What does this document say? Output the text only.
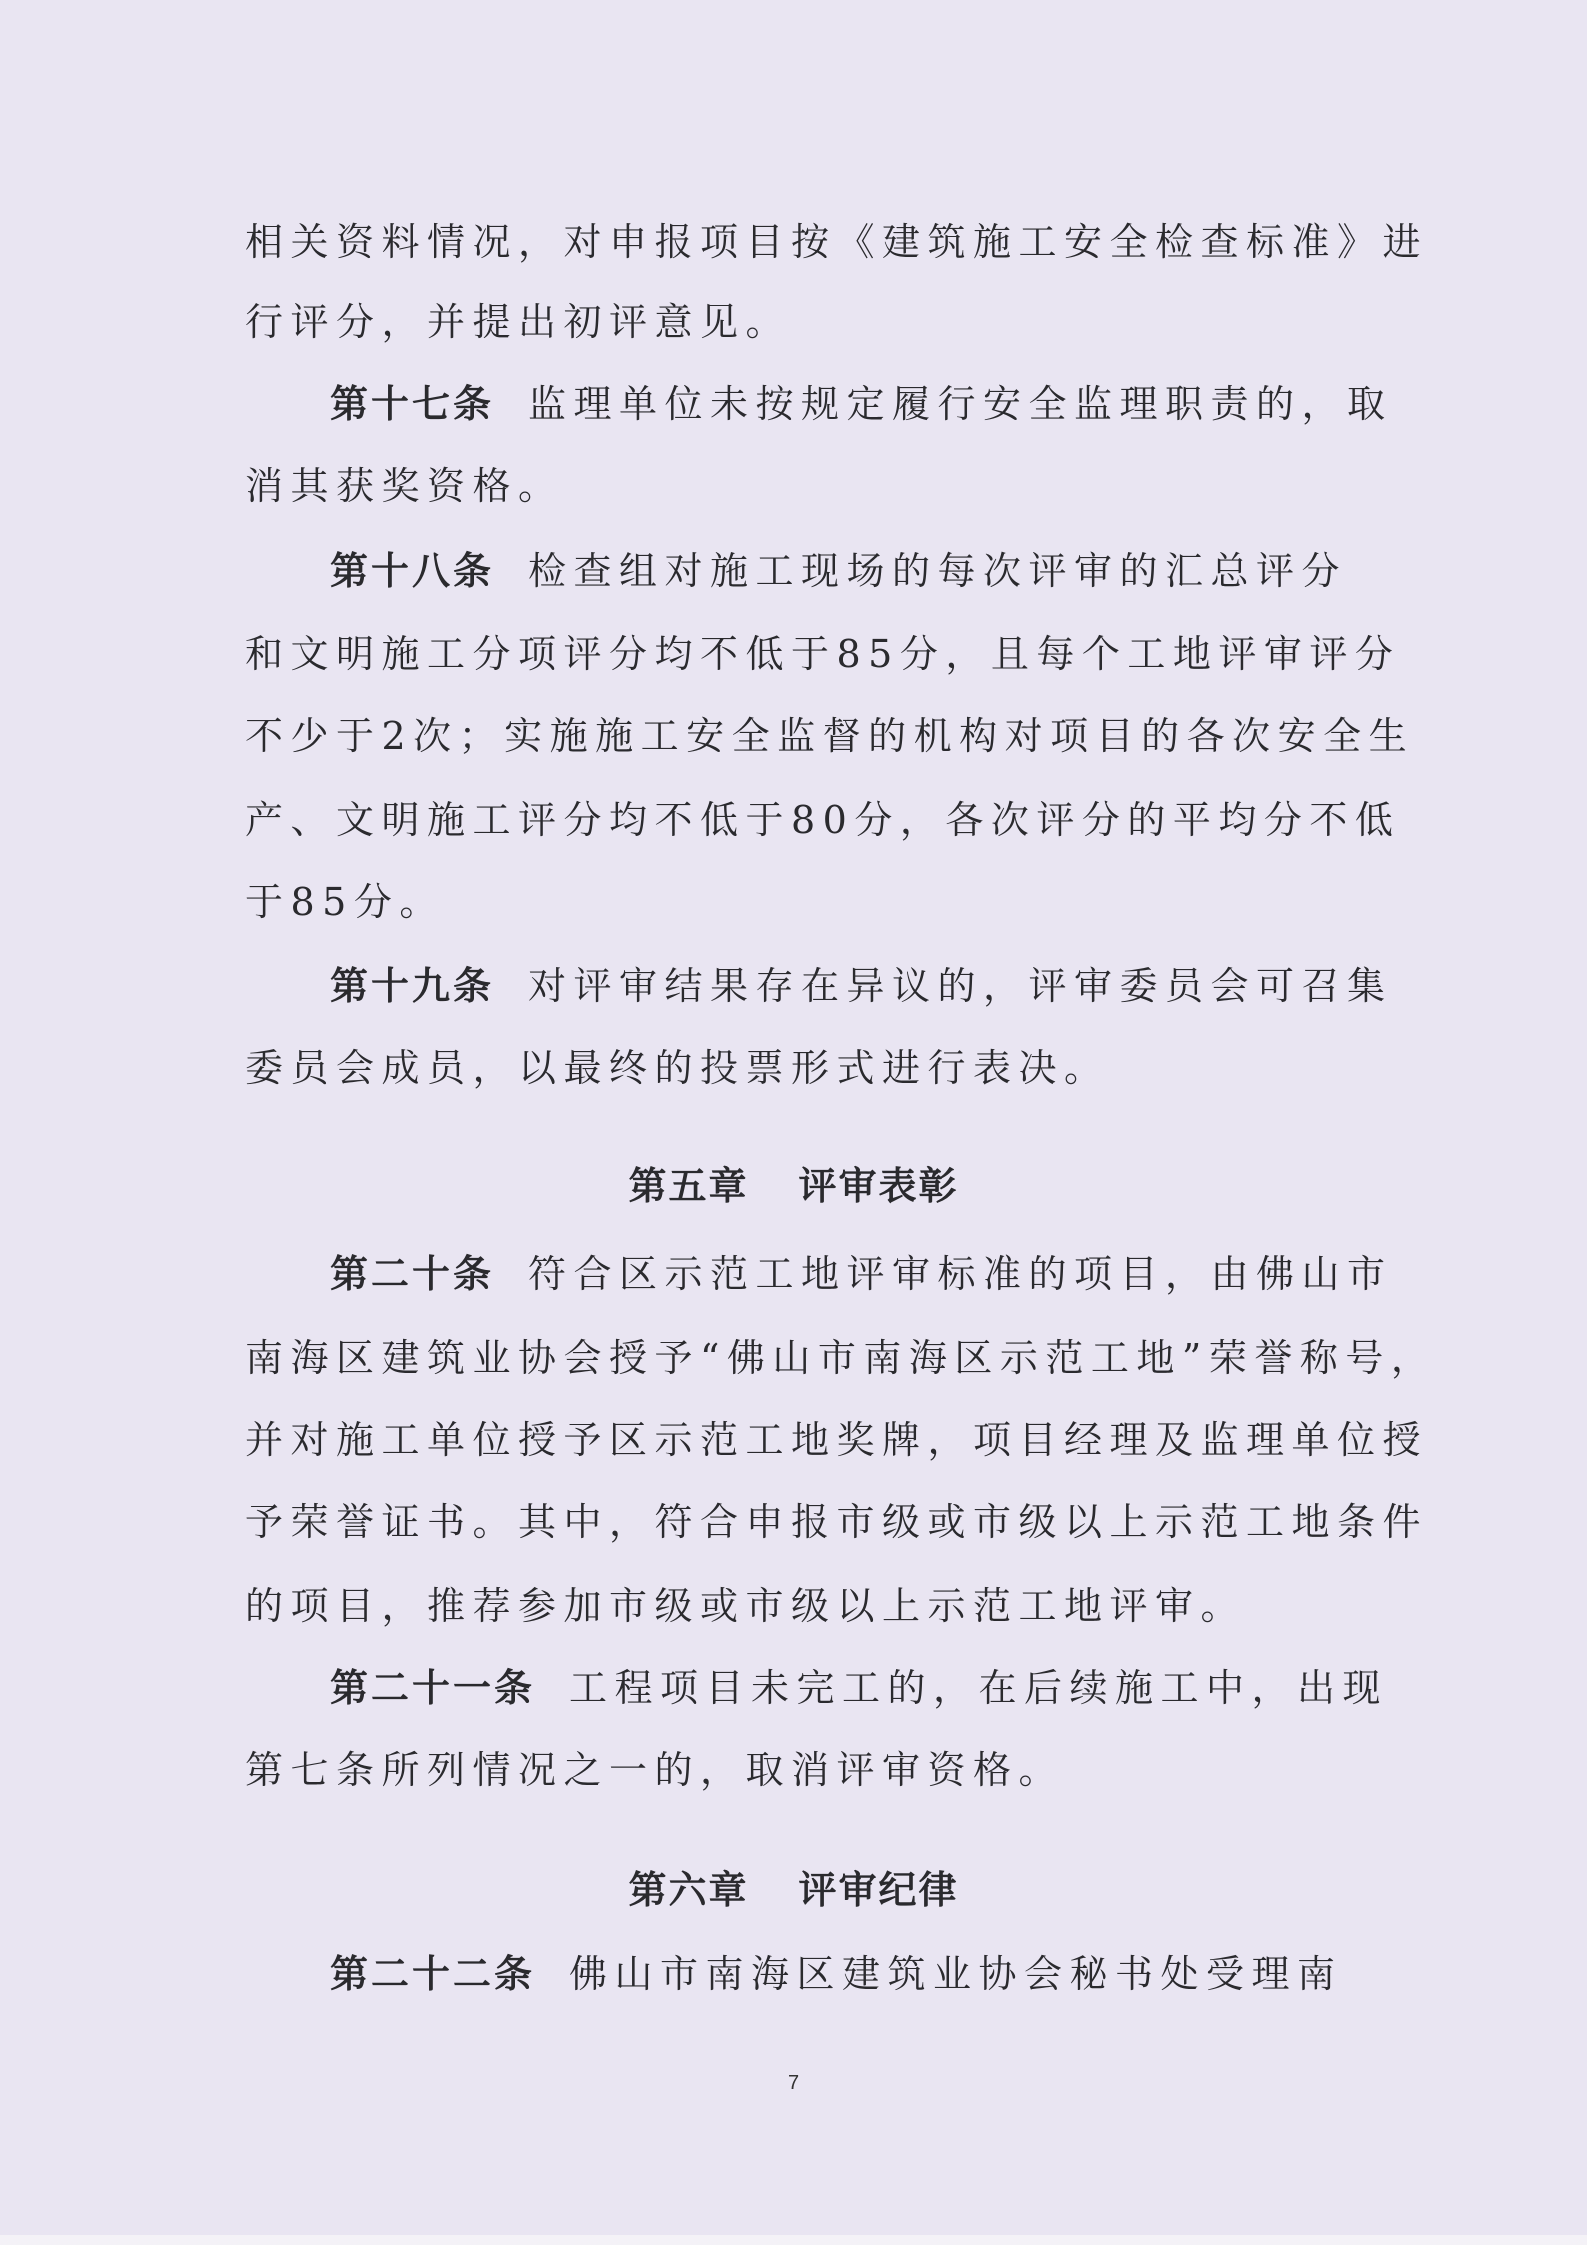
相关资料情况，对申报项目按《建筑施工安全检查标准》进
行评分，并提出初评意见。
第十七条 监理单位未按规定履行安全监理职责的，取
消其获奖资格。
第十八条 检查组对施工现场的每次评审的汇总评分
和文明施工分项评分均不低于85分，且每个工地评审评分
不少于2次；实施施工安全监督的机构对项目的各次安全生
产、文明施工评分均不低于80分，各次评分的平均分不低
于85分。
第十九条 对评审结果存在异议的，评审委员会可召集
委员会成员，以最终的投票形式进行表决。
第五章 评审表彰
第二十条 符合区示范工地评审标准的项目，由佛山市
南海区建筑业协会授予“佛山市南海区示范工地”荣誉称号，
并对施工单位授予区示范工地奖牌，项目经理及监理单位授
予荣誉证书。其中，符合申报市级或市级以上示范工地条件
的项目，推荐参加市级或市级以上示范工地评审。
第二十一条 工程项目未完工的，在后续施工中，出现
第七条所列情况之一的，取消评审资格。
第六章 评审纪律
第二十二条 佛山市南海区建筑业协会秘书处受理南
7
